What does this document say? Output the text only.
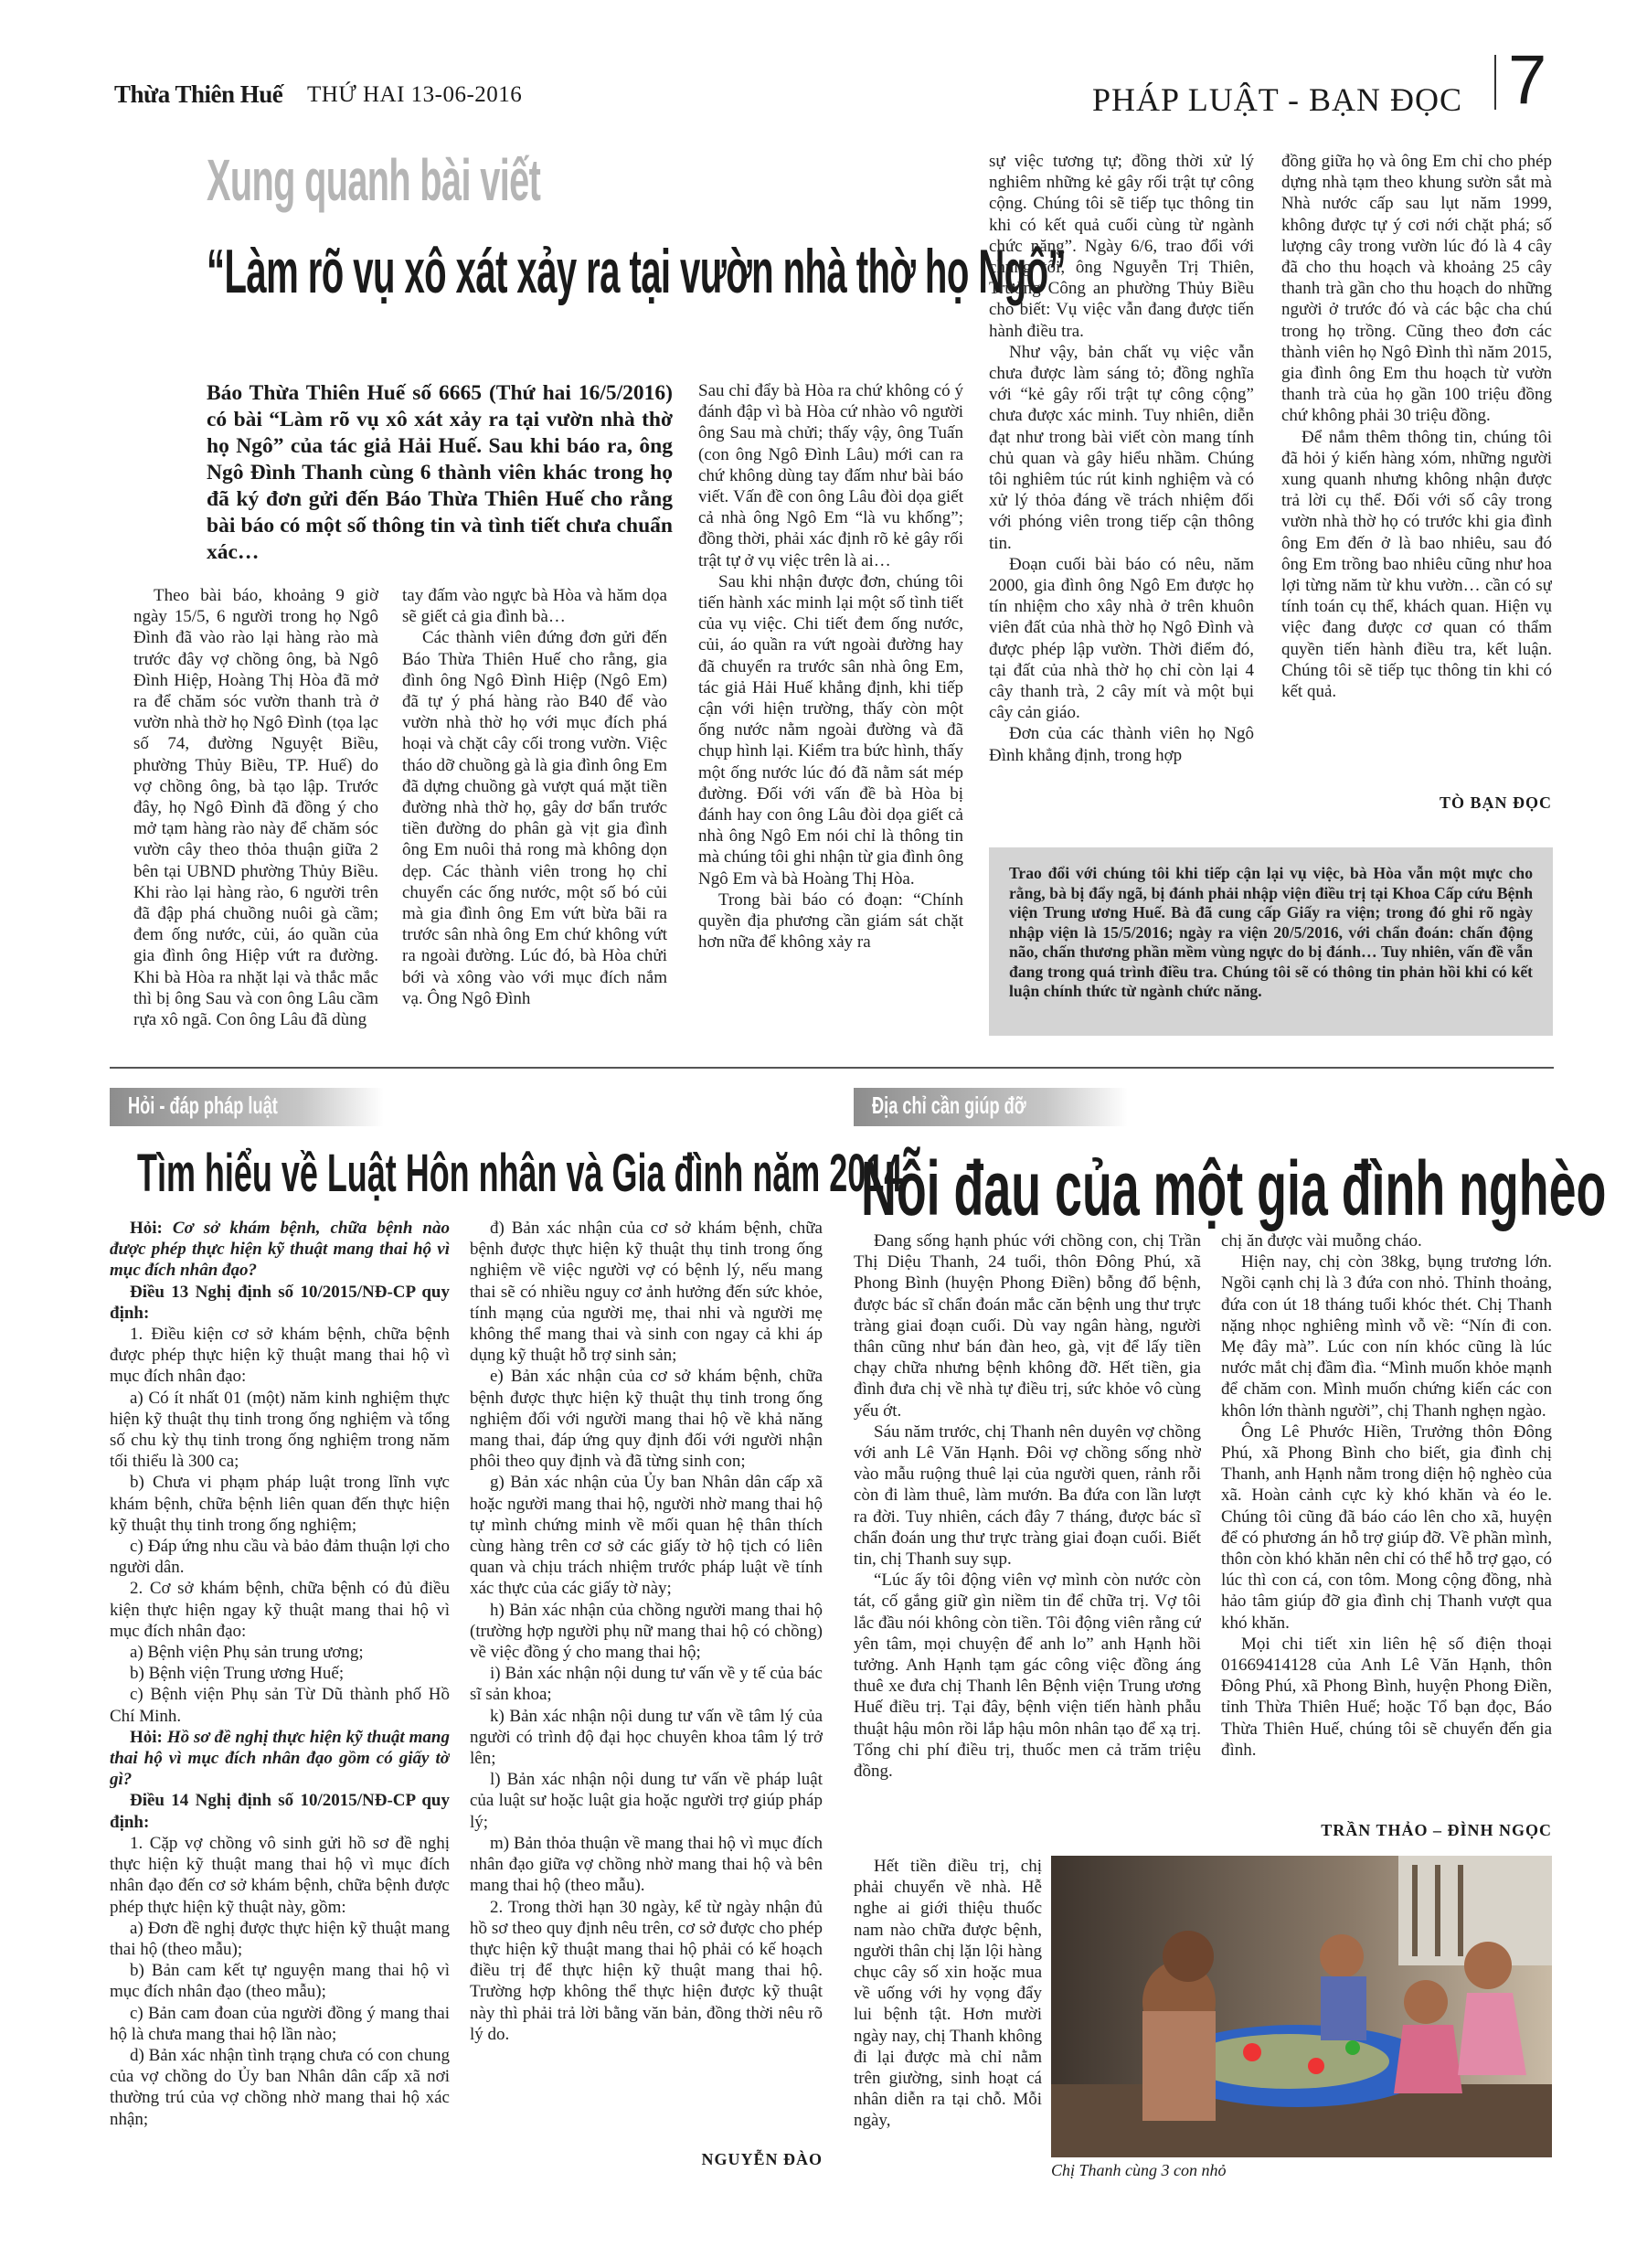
Thừa Thiên Huế THỨ HAI 13-06-2016	PHÁP LUẬT - BẠN ĐỌC 7
Xung quanh bài viết
“Làm rõ vụ xô xát xảy ra tại vườn nhà thờ họ Ngô”
Báo Thừa Thiên Huế số 6665 (Thứ hai 16/5/2016) có bài “Làm rõ vụ xô xát xảy ra tại vườn nhà thờ họ Ngô” của tác giả Hải Huế. Sau khi báo ra, ông Ngô Đình Thanh cùng 6 thành viên khác trong họ đã ký đơn gửi đến Báo Thừa Thiên Huế cho rằng bài báo có một số thông tin và tình tiết chưa chuẩn xác…

Theo bài báo, khoảng 9 giờ ngày 15/5, 6 người trong họ Ngô Đình đã vào rào lại hàng rào mà trước đây vợ chồng ông, bà Ngô Đình Hiệp, Hoàng Thị Hòa đã mở ra để chăm sóc vườn thanh trà ở vườn nhà thờ họ Ngô Đình (tọa lạc số 74, đường Nguyệt Biều, phường Thủy Biều, TP. Huế) do vợ chồng ông, bà tạo lập. Trước đây, họ Ngô Đình đã đồng ý cho mở tạm hàng rào này để chăm sóc vườn cây theo thỏa thuận giữa 2 bên tại UBND phường Thủy Biều. Khi rào lại hàng rào, 6 người trên đã đập phá chuồng nuôi gà cầm; đem ống nước, củi, áo quần của gia đình ông Hiệp vứt ra đường. Khi bà Hòa ra nhặt lại và thắc mắc thì bị ông Sau và con ông Lâu cầm rựa xô ngã. Con ông Lâu đã dùng

tay đấm vào ngực bà Hòa và hăm dọa sẽ giết cả gia đình bà…

Các thành viên đứng đơn gửi đến Báo Thừa Thiên Huế cho rằng, gia đình ông Ngô Đình Hiệp (Ngô Em) đã tự ý phá hàng rào B40 để vào vườn nhà thờ họ với mục đích phá hoại và chặt cây cối trong vườn. Việc tháo dỡ chuồng gà là gia đình ông Em đã dựng chuồng gà vượt quá mặt tiền đường nhà thờ họ, gây dơ bẩn trước tiền đường do phân gà vịt gia đình ông Em nuôi thả rong mà không dọn dẹp. Các thành viên trong họ chỉ chuyển các ống nước, một số bó củi mà gia đình ông Em vứt bừa bãi ra trước sân nhà ông Em chứ không vứt ra ngoài đường. Lúc đó, bà Hòa chửi bới và xông vào với mục đích nắm vạ. Ông Ngô Đình

Sau chỉ đẩy bà Hòa ra chứ không có ý đánh đập vì bà Hòa cứ nhào vô người ông Sau mà chửi; thấy vậy, ông Tuấn (con ông Ngô Đình Lâu) mới can ra chứ không dùng tay đấm như bài báo viết. Vấn đề con ông Lâu đòi dọa giết cả nhà ông Ngô Em “là vu khống”; đồng thời, phải xác định rõ kẻ gây rối trật tự ở vụ việc trên là ai…

Sau khi nhận được đơn, chúng tôi tiến hành xác minh lại một số tình tiết của vụ việc. Chi tiết đem ống nước, củi, áo quần ra vứt ngoài đường hay đã chuyển ra trước sân nhà ông Em, tác giả Hải Huế khẳng định, khi tiếp cận với hiện trường, thấy còn một ống nước nằm ngoài đường và đã chụp hình lại. Kiểm tra bức hình, thấy một ống nước lúc đó đã nằm sát mép đường. Đối với vấn đề bà Hòa bị đánh hay con ông Lâu đòi dọa giết cả nhà ông Ngô Em nói chỉ là thông tin mà chúng tôi ghi nhận từ gia đình ông Ngô Em và bà Hoàng Thị Hòa.

Trong bài báo có đoạn: “Chính quyền địa phương cần giám sát chặt hơn nữa để không xảy ra

sự việc tương tự; đồng thời xử lý nghiêm những kẻ gây rối trật tự công cộng. Chúng tôi sẽ tiếp tục thông tin khi có kết quả cuối cùng từ ngành chức năng”. Ngày 6/6, trao đổi với chúng tôi, ông Nguyễn Trị Thiên, Trưởng Công an phường Thủy Biều cho biết: Vụ việc vẫn đang được tiến hành điều tra.

Như vậy, bản chất vụ việc vẫn chưa được làm sáng tỏ; đồng nghĩa với “kẻ gây rối trật tự công cộng” chưa được xác minh. Tuy nhiên, diễn đạt như trong bài viết còn mang tính chủ quan và gây hiểu nhầm. Chúng tôi nghiêm túc rút kinh nghiệm và có xử lý thỏa đáng về trách nhiệm đối với phóng viên trong tiếp cận thông tin.

Đoạn cuối bài báo có nêu, năm 2000, gia đình ông Ngô Em được họ tín nhiệm cho xây nhà ở trên khuôn viên đất của nhà thờ họ Ngô Đình và được phép lập vườn. Thời điểm đó, tại đất của nhà thờ họ chỉ còn lại 4 cây thanh trà, 2 cây mít và một bụi cây cản giáo.

Đơn của các thành viên họ Ngô Đình khẳng định, trong hợp

đồng giữa họ và ông Em chỉ cho phép dựng nhà tạm theo khung sườn sắt mà Nhà nước cấp sau lụt năm 1999, không được tự ý cơi nới chặt phá; số lượng cây trong vườn lúc đó là 4 cây đã cho thu hoạch và khoảng 25 cây thanh trà gần cho thu hoạch do những người ở trước đó và các bậc cha chú trong họ trồng. Cũng theo đơn các thành viên họ Ngô Đình thì năm 2015, gia đình ông Em thu hoạch từ vườn thanh trà của họ gần 100 triệu đồng chứ không phải 30 triệu đồng.

Để nắm thêm thông tin, chúng tôi đã hỏi ý kiến hàng xóm, những người xung quanh nhưng không nhận được trả lời cụ thể. Đối với số cây trong vườn nhà thờ họ có trước khi gia đình ông Em đến ở là bao nhiêu, sau đó ông Em trồng bao nhiêu cũng như hoa lợi từng năm từ khu vườn… cần có sự tính toán cụ thể, khách quan. Hiện vụ việc đang được cơ quan có thẩm quyền tiến hành điều tra, kết luận. Chúng tôi sẽ tiếp tục thông tin khi có kết quả.

TÒ BẠN ĐỌC
Trao đổi với chúng tôi khi tiếp cận lại vụ việc, bà Hòa vẫn một mực cho rằng, bà bị đẩy ngã, bị đánh phải nhập viện điều trị tại Khoa Cấp cứu Bệnh viện Trung ương Huế. Bà đã cung cấp Giấy ra viện; trong đó ghi rõ ngày nhập viện là 15/5/2016; ngày ra viện 20/5/2016, với chẩn đoán: chấn động não, chấn thương phần mềm vùng ngực do bị đánh… Tuy nhiên, vấn đề vẫn đang trong quá trình điều tra. Chúng tôi sẽ có thông tin phản hồi khi có kết luận chính thức từ ngành chức năng.
Hỏi - đáp pháp luật
Tìm hiểu về Luật Hôn nhân và Gia đình năm 2014

Hỏi: Cơ sở khám bệnh, chữa bệnh nào được phép thực hiện kỹ thuật mang thai hộ vì mục đích nhân đạo?

Điều 13 Nghị định số 10/2015/NĐ-CP quy định:

1. Điều kiện cơ sở khám bệnh, chữa bệnh được phép thực hiện kỹ thuật mang thai hộ vì mục đích nhân đạo:

a) Có ít nhất 01 (một) năm kinh nghiệm thực hiện kỹ thuật thụ tinh trong ống nghiệm và tổng số chu kỳ thụ tinh trong ống nghiệm trong năm tối thiểu là 300 ca;

b) Chưa vi phạm pháp luật trong lĩnh vực khám bệnh, chữa bệnh liên quan đến thực hiện kỹ thuật thụ tinh trong ống nghiệm;

c) Đáp ứng nhu cầu và bảo đảm thuận lợi cho người dân.

2. Cơ sở khám bệnh, chữa bệnh có đủ điều kiện thực hiện ngay kỹ thuật mang thai hộ vì mục đích nhân đạo:

a) Bệnh viện Phụ sản trung ương;

b) Bệnh viện Trung ương Huế;

c) Bệnh viện Phụ sản Từ Dũ thành phố Hồ Chí Minh.

Hỏi: Hồ sơ đề nghị thực hiện kỹ thuật mang thai hộ vì mục đích nhân đạo gồm có giấy tờ gì?

Điều 14 Nghị định số 10/2015/NĐ-CP quy định:

1. Cặp vợ chồng vô sinh gửi hồ sơ đề nghị thực hiện kỹ thuật mang thai hộ vì mục đích nhân đạo đến cơ sở khám bệnh, chữa bệnh được phép thực hiện kỹ thuật này, gồm:

a) Đơn đề nghị được thực hiện kỹ thuật mang thai hộ (theo mẫu);

b) Bản cam kết tự nguyện mang thai hộ vì mục đích nhân đạo (theo mẫu);

c) Bản cam đoan của người đồng ý mang thai hộ là chưa mang thai hộ lần nào;

d) Bản xác nhận tình trạng chưa có con chung của vợ chồng do Ủy ban Nhân dân cấp xã nơi thường trú của vợ chồng nhờ mang thai hộ xác nhận;

đ) Bản xác nhận của cơ sở khám bệnh, chữa bệnh được thực hiện kỹ thuật thụ tinh trong ống nghiệm về việc người vợ có bệnh lý, nếu mang thai sẽ có nhiều nguy cơ ảnh hưởng đến sức khỏe, tính mạng của người mẹ, thai nhi và người mẹ không thể mang thai và sinh con ngay cả khi áp dụng kỹ thuật hỗ trợ sinh sản;

e) Bản xác nhận của cơ sở khám bệnh, chữa bệnh được thực hiện kỹ thuật thụ tinh trong ống nghiệm đối với người mang thai hộ về khả năng mang thai, đáp ứng quy định đối với người nhận phôi theo quy định và đã từng sinh con;

g) Bản xác nhận của Ủy ban Nhân dân cấp xã hoặc người mang thai hộ, người nhờ mang thai hộ tự mình chứng minh về mối quan hệ thân thích cùng hàng trên cơ sở các giấy tờ hộ tịch có liên quan và chịu trách nhiệm trước pháp luật về tính xác thực của các giấy tờ này;

h) Bản xác nhận của chồng người mang thai hộ (trường hợp người phụ nữ mang thai hộ có chồng) về việc đồng ý cho mang thai hộ;

i) Bản xác nhận nội dung tư vấn về y tế của bác sĩ sản khoa;

k) Bản xác nhận nội dung tư vấn về tâm lý của người có trình độ đại học chuyên khoa tâm lý trở lên;

l) Bản xác nhận nội dung tư vấn về pháp luật của luật sư hoặc luật gia hoặc người trợ giúp pháp lý;

m) Bản thỏa thuận về mang thai hộ vì mục đích nhân đạo giữa vợ chồng nhờ mang thai hộ và bên mang thai hộ (theo mẫu).

2. Trong thời hạn 30 ngày, kể từ ngày nhận đủ hồ sơ theo quy định nêu trên, cơ sở được cho phép thực hiện kỹ thuật mang thai hộ phải có kế hoạch điều trị để thực hiện kỹ thuật mang thai hộ. Trường hợp không thể thực hiện được kỹ thuật này thì phải trả lời bằng văn bản, đồng thời nêu rõ lý do.

NGUYỄN ĐÀO
Địa chỉ cần giúp đỡ
Nỗi đau của một gia đình nghèo

Đang sống hạnh phúc với chồng con, chị Trần Thị Diệu Thanh, 24 tuổi, thôn Đông Phú, xã Phong Bình (huyện Phong Điền) bỗng đổ bệnh, được bác sĩ chẩn đoán mắc căn bệnh ung thư trực tràng giai đoạn cuối. Dù vay ngân hàng, người thân cũng như bán đàn heo, gà, vịt để lấy tiền chạy chữa nhưng bệnh không đỡ. Hết tiền, gia đình đưa chị về nhà tự điều trị, sức khỏe vô cùng yếu ớt.

Sáu năm trước, chị Thanh nên duyên vợ chồng với anh Lê Văn Hạnh. Đôi vợ chồng sống nhờ vào mẫu ruộng thuê lại của người quen, rảnh rỗi còn đi làm thuê, làm mướn. Ba đứa con lần lượt ra đời. Tuy nhiên, cách đây 7 tháng, được bác sĩ chẩn đoán ung thư trực tràng giai đoạn cuối. Biết tin, chị Thanh suy sụp.

“Lúc ấy tôi động viên vợ mình còn nước còn tát, cố gắng giữ gìn niềm tin để chữa trị. Vợ tôi lắc đầu nói không còn tiền. Tôi động viên rằng cứ yên tâm, mọi chuyện để anh lo” anh Hạnh hồi tưởng. Anh Hạnh tạm gác công việc đồng áng thuê xe đưa chị Thanh lên Bệnh viện Trung ương Huế điều trị. Tại đây, bệnh viện tiến hành phẫu thuật hậu môn rồi lắp hậu môn nhân tạo để xạ trị. Tổng chi phí điều trị, thuốc men cả trăm triệu đồng.

Hết tiền điều trị, chị phải chuyển về nhà. Hễ nghe ai giới thiệu thuốc nam nào chữa được bệnh, người thân chị lặn lội hàng chục cây số xin hoặc mua về uống với hy vọng đẩy lui bệnh tật. Hơn mười ngày nay, chị Thanh không đi lại được mà chỉ nằm trên giường, sinh hoạt cá nhân diễn ra tại chỗ. Mỗi ngày,

chị ăn được vài muỗng cháo.

Hiện nay, chị còn 38kg, bụng trương lớn. Ngồi cạnh chị là 3 đứa con nhỏ. Thỉnh thoảng, đứa con út 18 tháng tuổi khóc thét. Chị Thanh nặng nhọc nghiêng mình vỗ về: “Nín đi con. Mẹ đây mà”. Lúc con nín khóc cũng là lúc nước mắt chị đầm đìa. “Mình muốn khỏe mạnh để chăm con. Mình muốn chứng kiến các con khôn lớn thành người”, chị Thanh nghẹn ngào.

Ông Lê Phước Hiền, Trưởng thôn Đông Phú, xã Phong Bình cho biết, gia đình chị Thanh, anh Hạnh nằm trong diện hộ nghèo của xã. Hoàn cảnh cực kỳ khó khăn và éo le. Chúng tôi cũng đã báo cáo lên cho xã, huyện để có phương án hỗ trợ giúp đỡ. Về phần mình, thôn còn khó khăn nên chỉ có thể hỗ trợ gạo, có lúc thì con cá, con tôm. Mong cộng đồng, nhà hảo tâm giúp đỡ gia đình chị Thanh vượt qua khó khăn.

Mọi chi tiết xin liên hệ số điện thoại 01669414128 của Anh Lê Văn Hạnh, thôn Đông Phú, xã Phong Bình, huyện Phong Điền, tỉnh Thừa Thiên Huế; hoặc Tổ bạn đọc, Báo Thừa Thiên Huế, chúng tôi sẽ chuyển đến gia đình.

TRẦN THẢO – ĐÌNH NGỌC
Chị Thanh cùng 3 con nhỏ
